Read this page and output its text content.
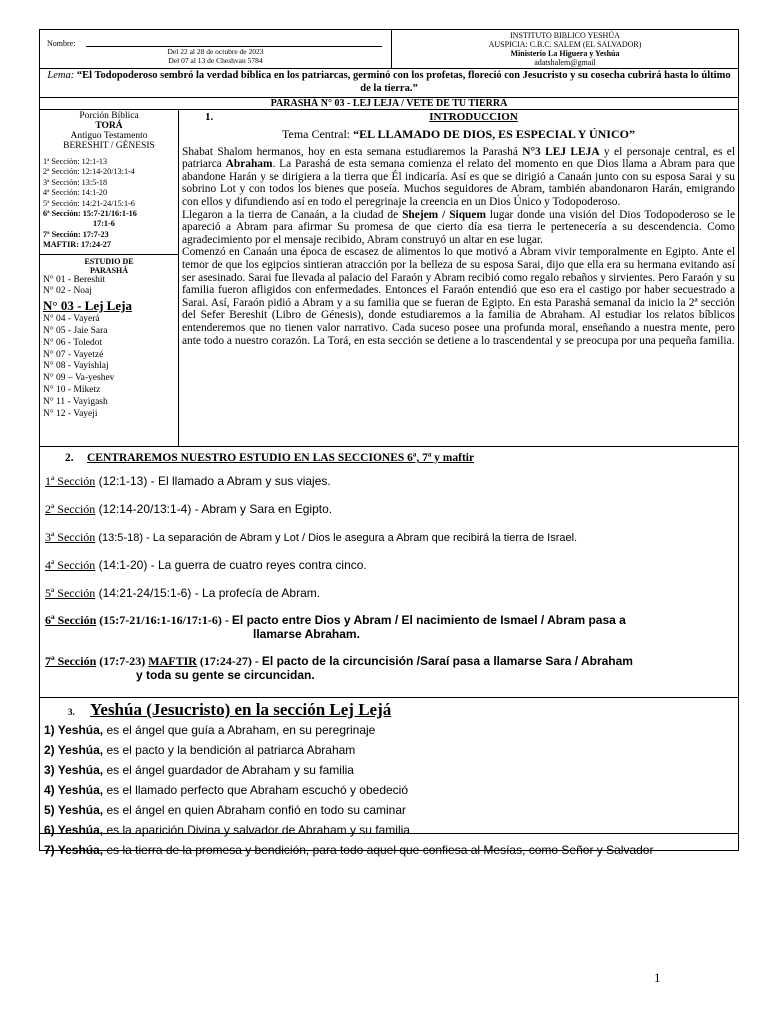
Nombre:
Del 22 al 28 de octubre de 2023
Del 07 al 13 de Cheshvan 5784
INSTITUTO BIBLICO YESHÚA
AUSPICIA: C.B.C. SALEM (EL SALVADOR)
Ministerio La Higuera y Yeshúa
adatshalem@gmail
Lema: “El Todopoderoso sembró la verdad bíblica en los patriarcas, germinó con los profetas, floreció con Jesucristo y su cosecha cubrirá hasta lo último de la tierra.”
PARASHÁ N° 03 - LEJ LEJA / VETE DE TU TIERRA
Porción Bíblica
TORÁ
Antiguo Testamento
BERESHIT / GÉNESIS
1ª Sección: 12:1-13
2ª Sección: 12:14-20/13:1-4
3ª Sección: 13:5-18
4ª Sección: 14:1-20
5ª Sección: 14:21-24/15:1-6
6ª Sección: 15:7-21/16:1-16
17:1-6
7ª Sección: 17:7-23
MAFTIR: 17:24-27
ESTUDIO DE
PARASHÁ
N° 01 - Bereshit
N° 02 - Noaj
N° 03 - Lej Leja
N° 04 - Vayerá
N° 05 - Jaie Sara
N° 06 - Toledot
N° 07 - Vayetzé
N° 08 - Vayishlaj
N° 09 – Va-yeshev
N° 10 - Miketz
N° 11 - Vayigash
N° 12 - Vayeji
1.	INTRODUCCION
Tema Central: “EL LLAMADO DE DIOS, ES ESPECIAL Y ÚNICO”

Shabat Shalom hermanos, hoy en esta semana estudiaremos la Parashá N°3 LEJ LEJA y el personaje central, es el patriarca Abraham. La Parashá de esta semana comienza el relato del momento en que Dios llama a Abram para que abandone Harán y se dirigiera a la tierra que Él indicaría. Así es que se dirigió a Canaán junto con su esposa Sarai y su sobrino Lot y con todos los bienes que poseía. Muchos seguidores de Abram, también abandonaron Harán, emigrando con ellos y difundiendo así en todo el peregrinaje la creencia en un Dios Único y Todopoderoso.

Llegaron a la tierra de Canaán, a la ciudad de Shejem / Siquem lugar donde una visión del Dios Todopoderoso se le apareció a Abram para afirmar Su promesa de que cierto día esa tierra le pertenecería a su descendencia. Como agradecimiento por el mensaje recibido, Abram construyó un altar en ese lugar.

Comenzó en Canaán una época de escasez de alimentos lo que motivó a Abram vivir temporalmente en Egipto. Ante el temor de que los egipcios sintieran atracción por la belleza de su esposa Sarai, dijo que ella era su hermana evitando así ser asesinado. Sarai fue llevada al palacio del Faraón y Abram recibió como regalo rebaños y sirvientes. Pero Faraón y su familia fueron afligidos con enfermedades. Entonces el Faraón entendió que eso era el castigo por haber secuestrado a Sarai. Así, Faraón pidió a Abram y a su familia que se fueran de Egipto. En esta Parashá semanal da inicio la 2ª sección del Sefer Bereshit (Libro de Génesis), donde estudiaremos a la familia de Abraham. Al estudiar los relatos bíblicos entenderemos que no tienen valor narrativo. Cada suceso posee una profunda moral, enseñando a nuestra mente, pero ante todo a nuestro corazón. La Torá, en esta sección se detiene a lo trascendental y se preocupa por una pequeña familia.

2. CENTRAREMOS NUESTRO ESTUDIO EN LAS SECCIONES 6ª, 7ª y maftir
1ª Sección (12:1-13) - El llamado a Abram y sus viajes.
2ª Sección (12:14-20/13:1-4) - Abram y Sara en Egipto.
3ª Sección (13:5-18) - La separación de Abram y Lot / Dios le asegura a Abram que recibirá la tierra de Israel.
4ª Sección (14:1-20) - La guerra de cuatro reyes contra cinco.
5ª Sección (14:21-24/15:1-6) - La profecía de Abram.
6ª Sección (15:7-21/16:1-16/17:1-6) - El pacto entre Dios y Abram / El nacimiento de Ismael / Abram pasa a
llamarse Abraham.
7ª Sección (17:7-23) MAFTIR (17:24-27) - El pacto de la circuncisión /Saraí pasa a llamarse Sara / Abraham
y toda su gente se circuncidan.
3. Yeshúa (Jesucristo) en la sección Lej Lejá
1) Yeshúa, es el ángel que guía a Abraham, en su peregrinaje
2) Yeshúa, es el pacto y la bendición al patriarca Abraham
3) Yeshúa, es el ángel guardador de Abraham y su familia
4) Yeshúa, es el llamado perfecto que Abraham escuchó y obedeció
5) Yeshúa, es el ángel en quien Abraham confió en todo su caminar
6) Yeshúa, es la aparición Divina y salvador de Abraham y su familia
7) Yeshúa, es la tierra de la promesa y bendición, para todo aquel que confiesa al Mesías, como Señor y Salvador
1
